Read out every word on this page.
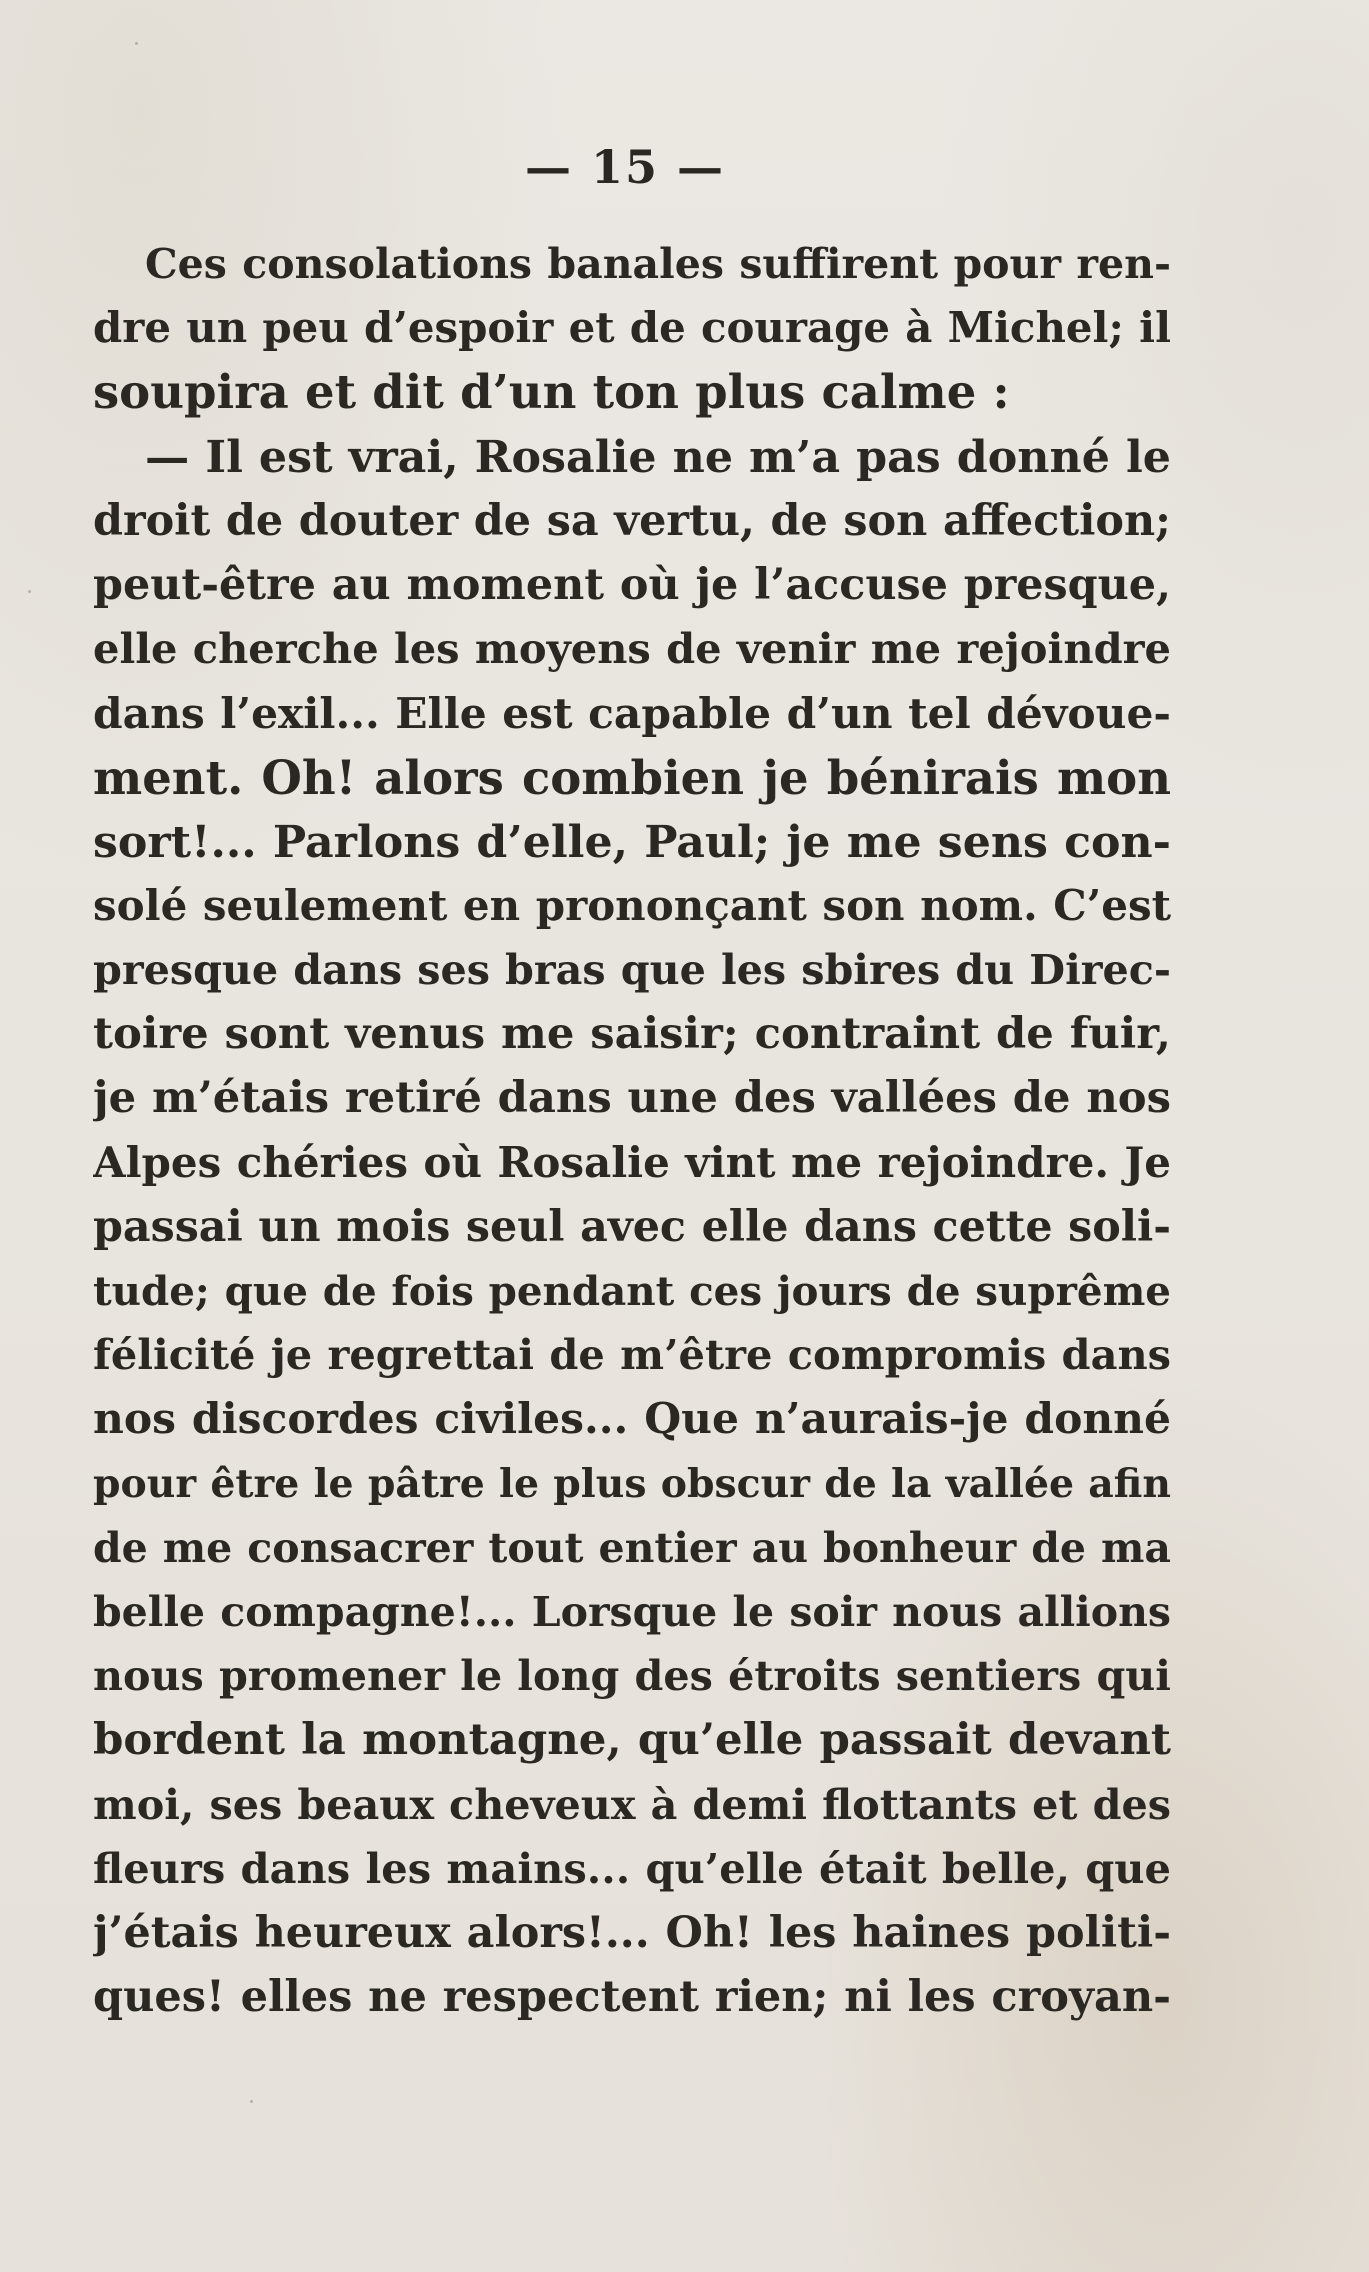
— 15 —
Ces consolations banales suffirent pour ren-
dre un peu d’espoir et de courage à Michel; il
soupira et dit d’un ton plus calme :
— Il est vrai, Rosalie ne m’a pas donné le
droit de douter de sa vertu, de son affection;
peut-être au moment où je l’accuse presque,
elle cherche les moyens de venir me rejoindre
dans l’exil... Elle est capable d’un tel dévoue-
ment. Oh! alors combien je bénirais mon
sort!... Parlons d’elle, Paul; je me sens con-
solé seulement en prononçant son nom. C’est
presque dans ses bras que les sbires du Direc-
toire sont venus me saisir; contraint de fuir,
je m’étais retiré dans une des vallées de nos
Alpes chéries où Rosalie vint me rejoindre. Je
passai un mois seul avec elle dans cette soli-
tude; que de fois pendant ces jours de suprême
félicité je regrettai de m’être compromis dans
nos discordes civiles... Que n’aurais-je donné
pour être le pâtre le plus obscur de la vallée afin
de me consacrer tout entier au bonheur de ma
belle compagne!... Lorsque le soir nous allions
nous promener le long des étroits sentiers qui
bordent la montagne, qu’elle passait devant
moi, ses beaux cheveux à demi flottants et des
fleurs dans les mains... qu’elle était belle, que
j’étais heureux alors!... Oh! les haines politi-
ques! elles ne respectent rien; ni les croyan-
